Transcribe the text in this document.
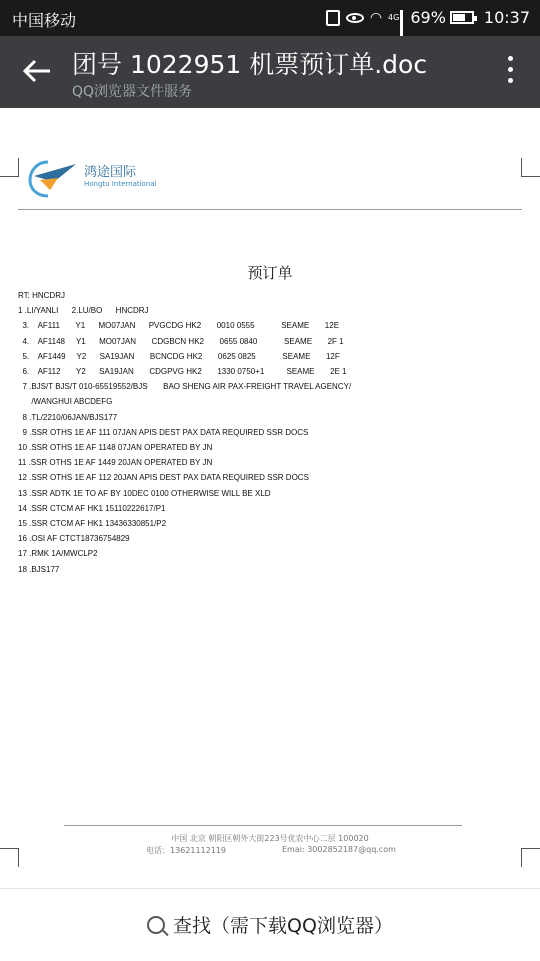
中国移动	◠ 4G 69% 10:37
团号 1022951 机票预订单.doc
QQ浏览器文件服务
鸿途国际
Hongtu International
预订单
RT: HNCDRJ
1 .LI/YANLI      2.LU/BO      HNCDRJ
3.    AF111       Y1      MO07JAN      PVGCDG HK2       0010 0555            SEAME       12E
4.    AF1148     Y1      MO07JAN       CDGBCN HK2       0655 0840            SEAME       2F 1
5.    AF1449     Y2      SA19JAN       BCNCDG HK2       0625 0825            SEAME       12F
6.    AF112       Y2      SA19JAN       CDGPVG HK2       1330 0750+1          SEAME       2E 1
7 .BJS/T BJS/T 010-65519552/BJS       BAO SHENG AIR PAX-FREIGHT TRAVEL AGENCY/
/WANGHUI ABCDEFG
8 .TL/2210/06JAN/BJS177
9 .SSR OTHS 1E AF 111 07JAN APIS DEST PAX DATA REQUIRED SSR DOCS
10 .SSR OTHS 1E AF 1148 07JAN OPERATED BY JN
11 .SSR OTHS 1E AF 1449 20JAN OPERATED BY JN
12 .SSR OTHS 1E AF 112 20JAN APIS DEST PAX DATA REQUIRED SSR DOCS
13 .SSR ADTK 1E TO AF BY 10DEC 0100 OTHERWISE WILL BE XLD
14 .SSR CTCM AF HK1 15110222617/P1
15 .SSR CTCM AF HK1 13436330851/P2
16 .OSI AF CTCT18736754829
17 .RMK 1A/MWCLP2
18 .BJS177
中国 北京 朝阳区朝外大街223号优农中心二层 100020
电话：13621112119	Emai: 3002852187@qq.com
查找（需下载QQ浏览器）
